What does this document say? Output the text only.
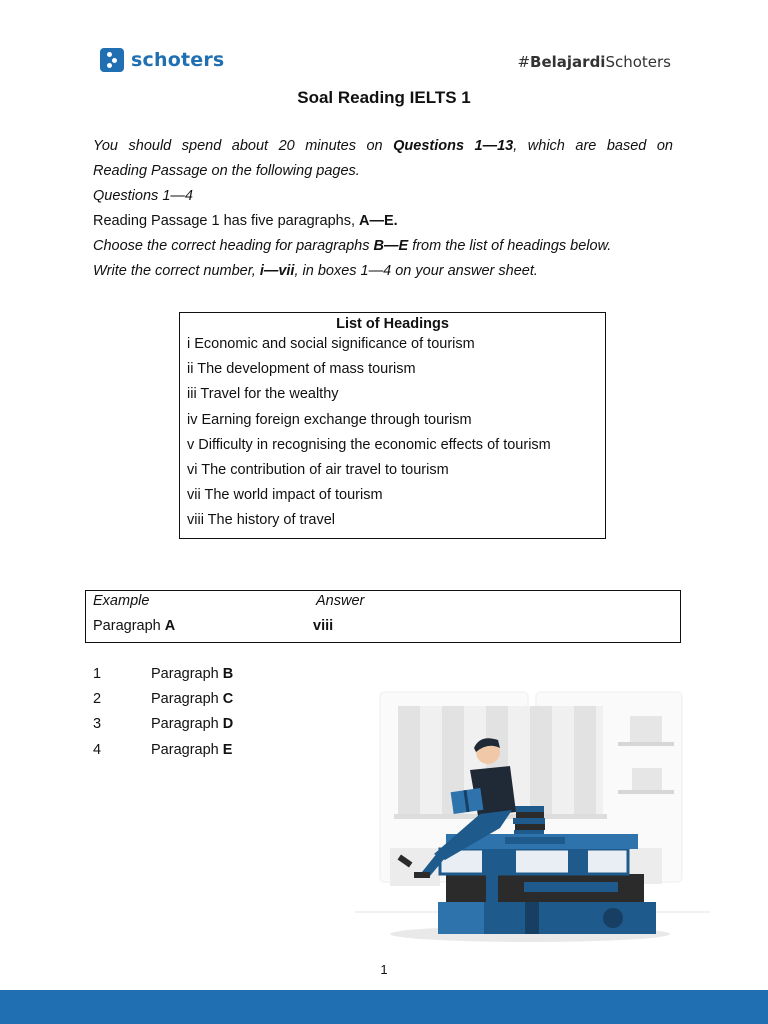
schoters	#BelajardiSchoters
Soal Reading IELTS 1

You should spend about 20 minutes on Questions 1—13, which are based on

Reading Passage on the following pages.

Questions 1—4

Reading Passage 1 has five paragraphs, A—E.

Choose the correct heading for paragraphs B—E from the list of headings below.

Write the correct number, i—vii, in boxes 1—4 on your answer sheet.

List of Headings
i Economic and social significance of tourism
ii The development of mass tourism
iii Travel for the wealthy
iv Earning foreign exchange through tourism
v Difficulty in recognising the economic effects of tourism
vi The contribution of air travel to tourism
vii The world impact of tourism
viii The history of travel
Example	Answer
Paragraph A	viii
1	Paragraph B
2	Paragraph C
3	Paragraph D
4	Paragraph E
1
